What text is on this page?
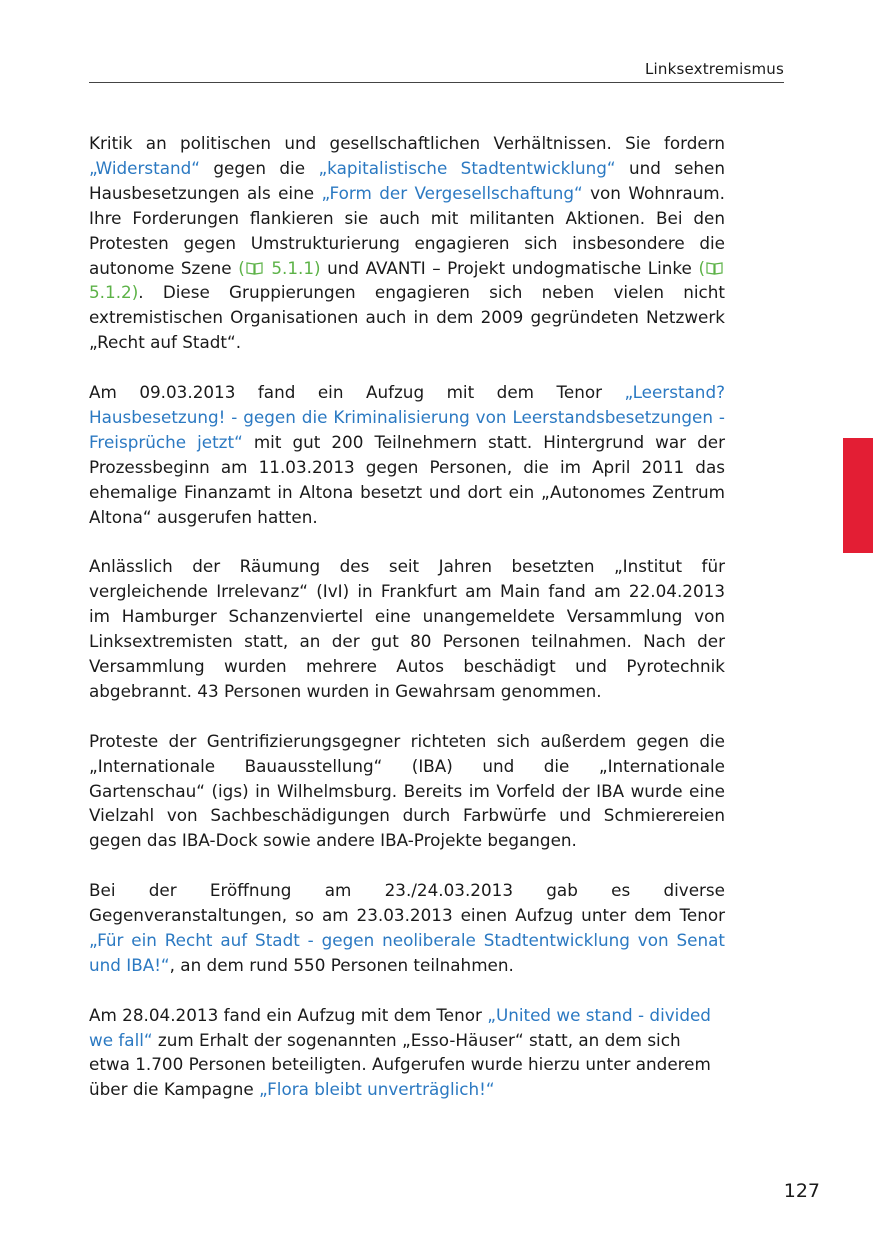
Linksextremismus

Kritik an politischen und gesellschaftlichen Verhältnissen. Sie fordern „Widerstand“ gegen die „kapitalistische Stadtentwicklung“ und sehen Hausbesetzungen als eine „Form der Vergesellschaftung“ von Wohnraum. Ihre Forderungen flankieren sie auch mit militanten Aktionen. Bei den Protesten gegen Umstrukturierung engagieren sich insbesondere die autonome Szene ( 5.1.1) und AVANTI – Projekt undogmatische Linke ( 5.1.2). Diese Gruppierungen engagieren sich neben vielen nicht extremistischen Organisationen auch in dem 2009 gegründeten Netzwerk „Recht auf Stadt“.

Am 09.03.2013 fand ein Aufzug mit dem Tenor „Leerstand? Hausbesetzung! - gegen die Kriminalisierung von Leerstandsbesetzungen - Freisprüche jetzt“ mit gut 200 Teilnehmern statt. Hintergrund war der Prozessbeginn am 11.03.2013 gegen Personen, die im April 2011 das ehemalige Finanzamt in Altona besetzt und dort ein „Autonomes Zentrum Altona“ ausgerufen hatten.

Anlässlich der Räumung des seit Jahren besetzten „Institut für vergleichende Irrelevanz“ (IvI) in Frankfurt am Main fand am 22.04.2013 im Hamburger Schanzenviertel eine unangemeldete Versammlung von Linksextremisten statt, an der gut 80 Personen teilnahmen. Nach der Versammlung wurden mehrere Autos beschädigt und Pyrotechnik abgebrannt. 43 Personen wurden in Gewahrsam genommen.

Proteste der Gentrifizierungsgegner richteten sich außerdem gegen die „Internationale Bauausstellung“ (IBA) und die „Internationale Gartenschau“ (igs) in Wilhelmsburg. Bereits im Vorfeld der IBA wurde eine Vielzahl von Sachbeschädigungen durch Farbwürfe und Schmierereien gegen das IBA-Dock sowie andere IBA-Projekte begangen.

Bei der Eröffnung am 23./24.03.2013 gab es diverse Gegenveranstaltungen, so am 23.03.2013 einen Aufzug unter dem Tenor „Für ein Recht auf Stadt - gegen neoliberale Stadtentwicklung von Senat und IBA!“, an dem rund 550 Personen teilnahmen.

Am 28.04.2013 fand ein Aufzug mit dem Tenor „United we stand - divided we fall“ zum Erhalt der sogenannten „Esso-Häuser“ statt, an dem sich etwa 1.700 Personen beteiligten. Aufgerufen wurde hierzu unter anderem über die Kampagne „Flora bleibt unverträglich!“

127
